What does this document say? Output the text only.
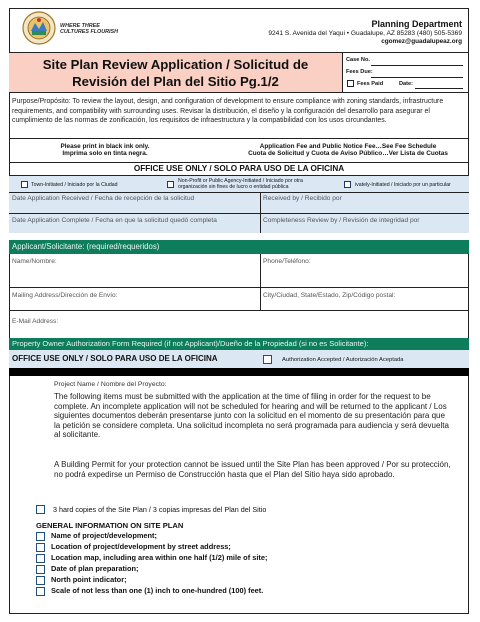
WHERE THREE
CULTURES FLOURISH
Planning Department
9241 S. Avenida del Yaqui • Guadalupe, AZ 85283 (480) 505-5369
cgomez@guadalupeaz.org
Site Plan Review Application / Solicitud de
Revisión del Plan del Sitio Pg.1/2
Case No.
Fees Due:
Fees Paid	Date:
Purpose/Propósito: To review the layout, design, and configuration of development to ensure compliance with zoning standards, infrastructure requirements, and compatibility with surrounding uses. Revisar la distribución, el diseño y la configuración del desarrollo para asegurar el cumplimiento de las normas de zonificación, los requisitos de infraestructura y la compatibilidad con los usos circundantes.
Please print in black ink only.
Imprima solo en tinta negra.
Application Fee and Public Notice Fee…See Fee Schedule
Cuota de Solicitud y Cuota de Aviso Público…Ver Lista de Cuotas
OFFICE USE ONLY / SOLO PARA USO DE LA OFICINA
Town-Initiated / Iniciado por la Ciudad
Non-Profit or Public Agency-Initiated / Iniciado por otra
organización sin fines de lucro o entidad pública	ivately-Initiated / Iniciado por un particular
Date Application Received / Fecha de recepción de la solicitud	Received by / Recibido por
Date Application Complete / Fecha en que la solicitud quedó completa	Completeness Review by / Revisión de integridad por
Applicant/Solicitante: (required/requeridos)
Name/Nombre:	Phone/Teléfono:
Mailing Address/Dirección de Envío:	City/Ciudad, State/Estado, Zip/Código postal:
E-Mail Address:
Property Owner Authorization Form Required (if not Applicant)/Dueño de la Propiedad (si no es Solicitante):
OFFICE USE ONLY / SOLO PARA USO DE LA OFICINA	Authorization Accepted / Autorización Aceptada
Project Name / Nombre del Proyecto:
The following items must be submitted with the application at the time of filing in order for the request to be complete. An incomplete application will not be scheduled for hearing and will be returned to the applicant / Los siguientes documentos deberán presentarse junto con la solicitud en el momento de su presentación para que la petición se considere completa. Una solicitud incompleta no será programada para audiencia y será devuelta al solicitante.
A Building Permit for your protection cannot be issued until the Site Plan has been approved / Por su protección, no podrá expedirse un Permiso de Construcción hasta que el Plan del Sitio haya sido aprobado.
3 hard copies of the Site Plan / 3 copias impresas del Plan del Sitio
GENERAL INFORMATION ON SITE PLAN
Name of project/development;
Location of project/development by street address;
Location map, including area within one half (1/2) mile of site;
Date of plan preparation;
North point indicator;
Scale of not less than one (1) inch to one-hundred (100) feet.
